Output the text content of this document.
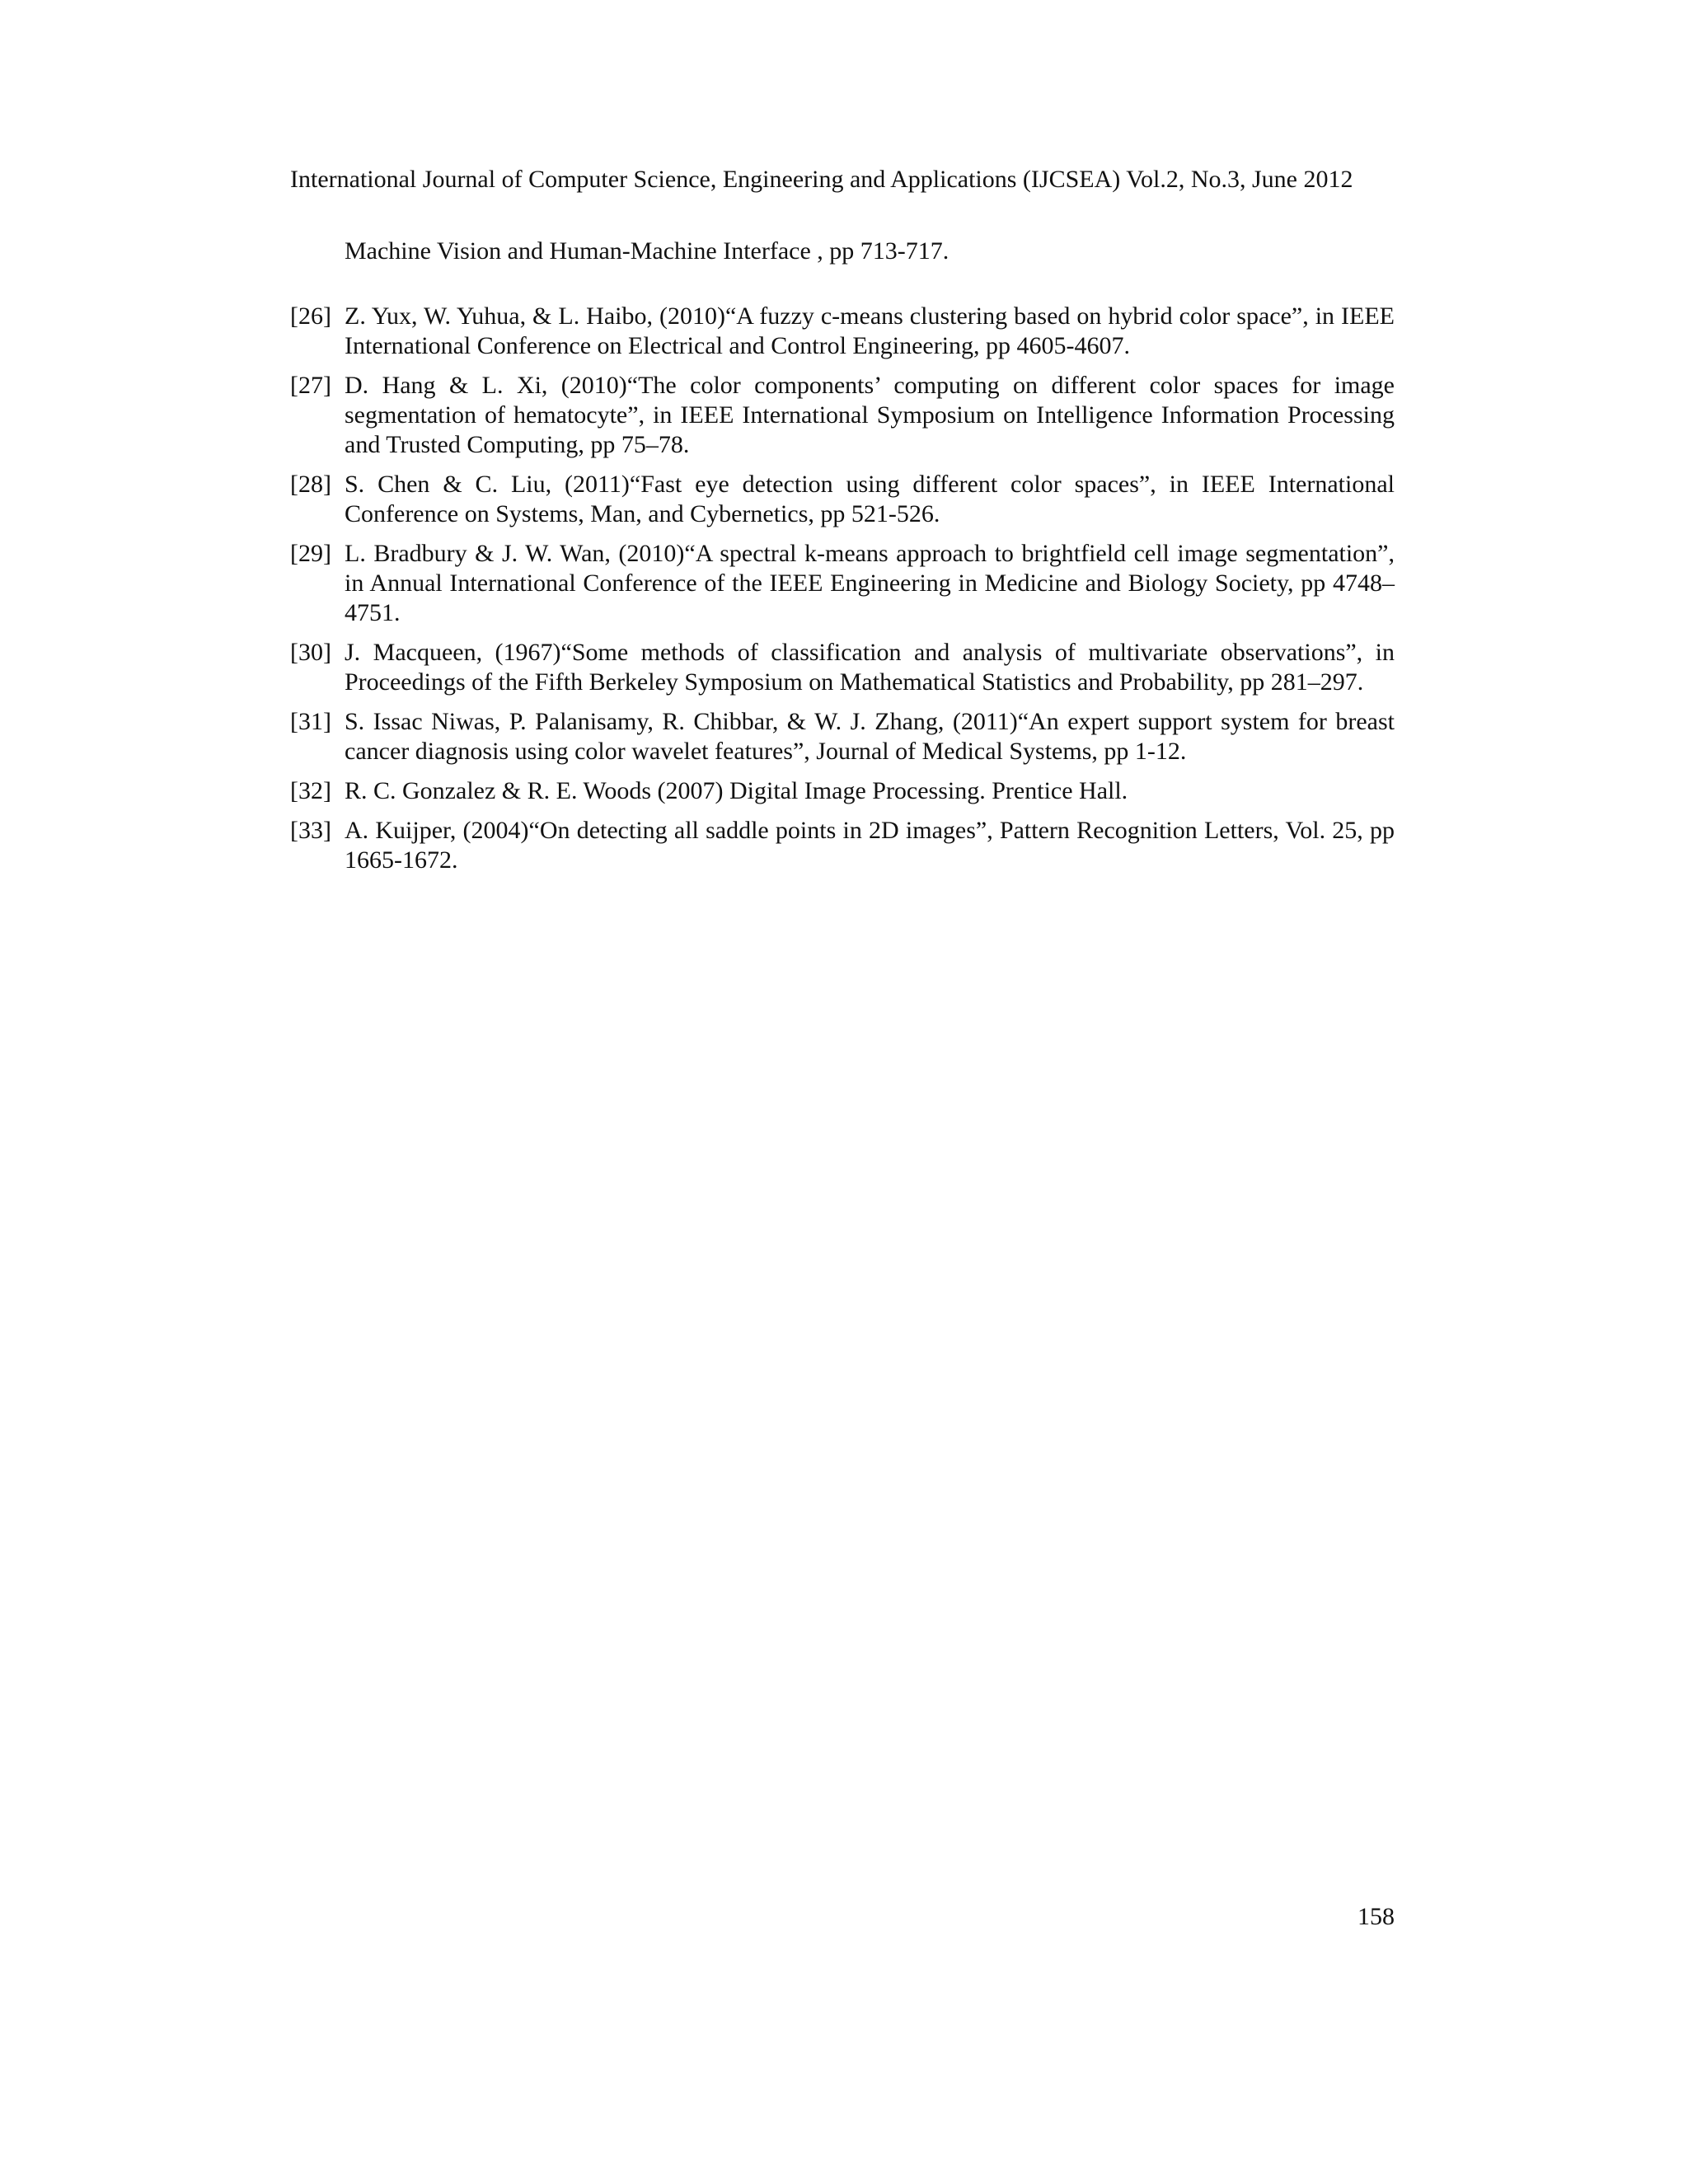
International Journal of Computer Science, Engineering and Applications (IJCSEA) Vol.2, No.3, June 2012
Machine Vision and Human-Machine Interface , pp 713-717.
[26] Z. Yux, W. Yuhua, & L. Haibo, (2010)“A fuzzy c-means clustering based on hybrid color space”, in IEEE International Conference on Electrical and Control Engineering, pp 4605-4607.
[27] D. Hang & L. Xi, (2010)“The color components’ computing on different color spaces for image segmentation of hematocyte”, in IEEE International Symposium on Intelligence Information Processing and Trusted Computing, pp 75–78.
[28] S. Chen & C. Liu, (2011)“Fast eye detection using different color spaces”, in IEEE International Conference on Systems, Man, and Cybernetics, pp 521-526.
[29] L. Bradbury & J. W. Wan, (2010)“A spectral k-means approach to brightfield cell image segmentation”, in Annual International Conference of the IEEE Engineering in Medicine and Biology Society, pp 4748–4751.
[30] J. Macqueen, (1967)“Some methods of classification and analysis of multivariate observations”, in Proceedings of the Fifth Berkeley Symposium on Mathematical Statistics and Probability, pp 281–297.
[31] S. Issac Niwas, P. Palanisamy, R. Chibbar, & W. J. Zhang, (2011)“An expert support system for breast cancer diagnosis using color wavelet features”, Journal of Medical Systems, pp 1-12.
[32] R. C. Gonzalez & R. E. Woods (2007) Digital Image Processing. Prentice Hall.
[33] A. Kuijper, (2004)“On detecting all saddle points in 2D images”, Pattern Recognition Letters, Vol. 25, pp 1665-1672.
158
